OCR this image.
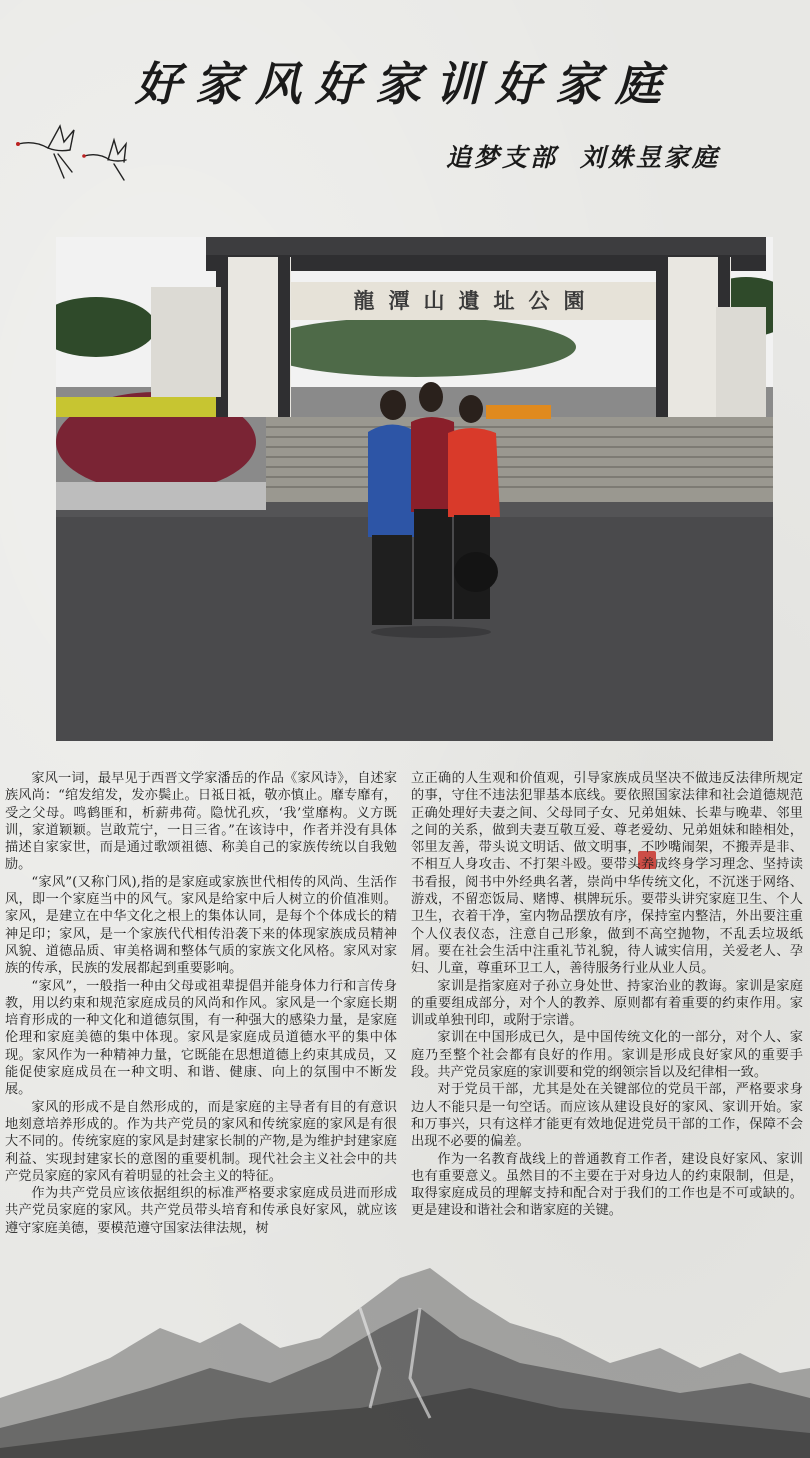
好家风好家训好家庭
追梦支部 刘姝昱家庭
龍潭山遺址公園

家风一词，最早见于西晋文学家潘岳的作品《家风诗》，自述家族风尚：“绾发绾发，发亦鬓止。日祗日祗，敬亦慎止。靡专靡有，受之父母。鸣鹤匪和，析薪弗荷。隐忧孔疚，‘我’堂靡构。义方既训，家道颖颖。岂敢荒宁，一日三省。”在该诗中，作者并没有具体描述自家家世，而是通过歌颂祖德、称美自己的家族传统以自我勉励。

“家风”(又称门风),指的是家庭或家族世代相传的风尚、生活作风，即一个家庭当中的风气。家风是给家中后人树立的价值准则。家风，是建立在中华文化之根上的集体认同，是每个个体成长的精神足印；家风，是一个家族代代相传沿袭下来的体现家族成员精神风貌、道德品质、审美格调和整体气质的家族文化风格。家风对家族的传承，民族的发展都起到重要影响。

“家风”，一般指一种由父母或祖辈提倡并能身体力行和言传身教，用以约束和规范家庭成员的风尚和作风。家风是一个家庭长期培育形成的一种文化和道德氛围，有一种强大的感染力量，是家庭伦理和家庭美德的集中体现。家风是家庭成员道德水平的集中体现。家风作为一种精神力量，它既能在思想道德上约束其成员，又能促使家庭成员在一种文明、和谐、健康、向上的氛围中不断发展。

家风的形成不是自然形成的，而是家庭的主导者有目的有意识地刻意培养形成的。作为共产党员的家风和传统家庭的家风是有很大不同的。传统家庭的家风是封建家长制的产物,是为维护封建家庭利益、实现封建家长的意图的重要机制。现代社会主义社会中的共产党员家庭的家风有着明显的社会主义的特征。

作为共产党员应该依据组织的标准严格要求家庭成员进而形成共产党员家庭的家风。共产党员带头培育和传承良好家风，就应该遵守家庭美德，要模范遵守国家法律法规，树

立正确的人生观和价值观，引导家族成员坚决不做违反法律所规定的事，守住不违法犯罪基本底线。要依照国家法律和社会道德规范正确处理好夫妻之间、父母同子女、兄弟姐妹、长辈与晚辈、邻里之间的关系，做到夫妻互敬互爱、尊老爱幼、兄弟姐妹和睦相处，邻里友善，带头说文明话、做文明事，不吵嘴闹架，不搬弄是非、不相互人身攻击、不打架斗殴。要带头养成终身学习理念、坚持读书看报，阅书中外经典名著，崇尚中华传统文化，不沉迷于网络、游戏，不留恋饭局、赌博、棋牌玩乐。要带头讲究家庭卫生、个人卫生，衣着干净，室内物品摆放有序，保持室内整洁，外出要注重个人仪表仪态，注意自己形象，做到不高空抛物，不乱丢垃圾纸屑。要在社会生活中注重礼节礼貌，待人诚实信用，关爱老人、孕妇、儿童，尊重环卫工人，善待服务行业从业人员。

家训是指家庭对子孙立身处世、持家治业的教诲。家训是家庭的重要组成部分，对个人的教养、原则都有着重要的约束作用。家训或单独刊印，或附于宗谱。

家训在中国形成已久，是中国传统文化的一部分，对个人、家庭乃至整个社会都有良好的作用。家训是形成良好家风的重要手段。共产党员家庭的家训要和党的纲领宗旨以及纪律相一致。

对于党员干部，尤其是处在关键部位的党员干部，严格要求身边人不能只是一句空话。而应该从建设良好的家风、家训开始。家和万事兴，只有这样才能更有效地促进党员干部的工作，保障不会出现不必要的偏差。

作为一名教育战线上的普通教育工作者，建设良好家风、家训也有重要意义。虽然目的不主要在于对身边人的约束限制，但是，取得家庭成员的理解支持和配合对于我们的工作也是不可或缺的。更是建设和谐社会和谐家庭的关键。
